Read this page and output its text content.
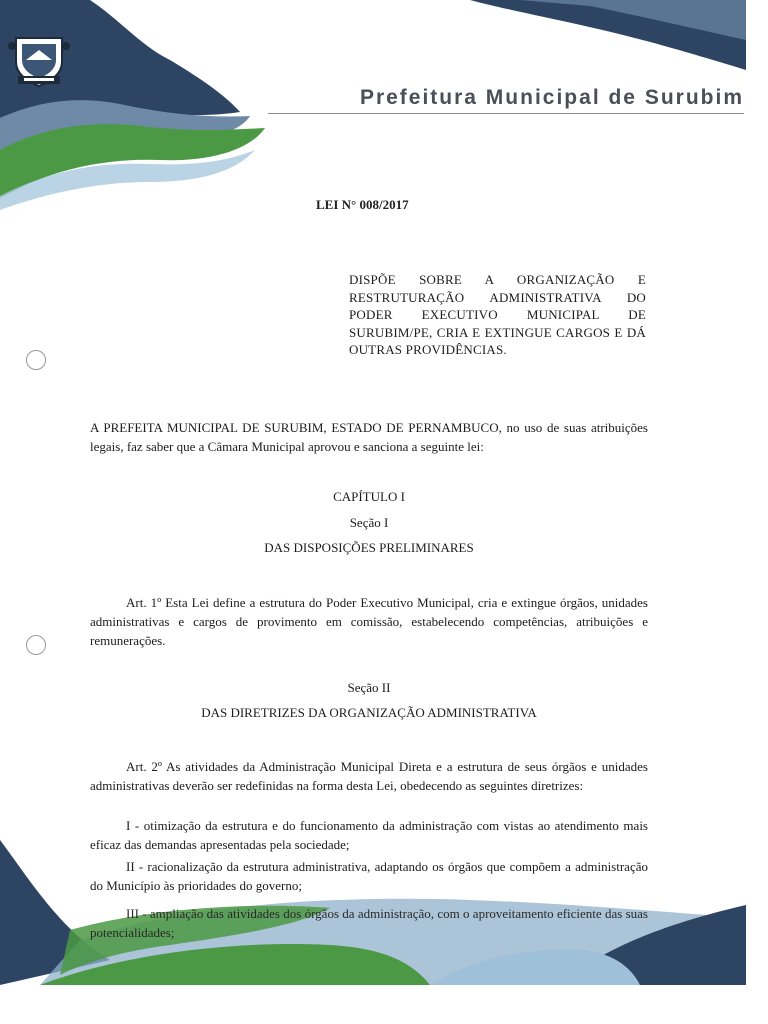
Prefeitura Municipal de Surubim
LEI N° 008/2017
DISPÕE SOBRE A ORGANIZAÇÃO E RESTRUTURAÇÃO ADMINISTRATIVA DO PODER EXECUTIVO MUNICIPAL DE SURUBIM/PE, CRIA E EXTINGUE CARGOS E DÁ OUTRAS PROVIDÊNCIAS.
A PREFEITA MUNICIPAL DE SURUBIM, ESTADO DE PERNAMBUCO, no uso de suas atribuições legais, faz saber que a Câmara Municipal aprovou e sanciona a seguinte lei:
CAPÍTULO I
Seção I
DAS DISPOSIÇÕES PRELIMINARES
Art. 1º Esta Lei define a estrutura do Poder Executivo Municipal, cria e extingue órgãos, unidades administrativas e cargos de provimento em comissão, estabelecendo competências, atribuições e remunerações.
Seção II
DAS DIRETRIZES DA ORGANIZAÇÃO ADMINISTRATIVA
Art. 2º As atividades da Administração Municipal Direta e a estrutura de seus órgãos e unidades administrativas deverão ser redefinidas na forma desta Lei, obedecendo as seguintes diretrizes:
I - otimização da estrutura e do funcionamento da administração com vistas ao atendimento mais eficaz das demandas apresentadas pela sociedade;
II - racionalização da estrutura administrativa, adaptando os órgãos que compõem a administração do Município às prioridades do governo;
III - ampliação das atividades dos órgãos da administração, com o aproveitamento eficiente das suas potencialidades;
